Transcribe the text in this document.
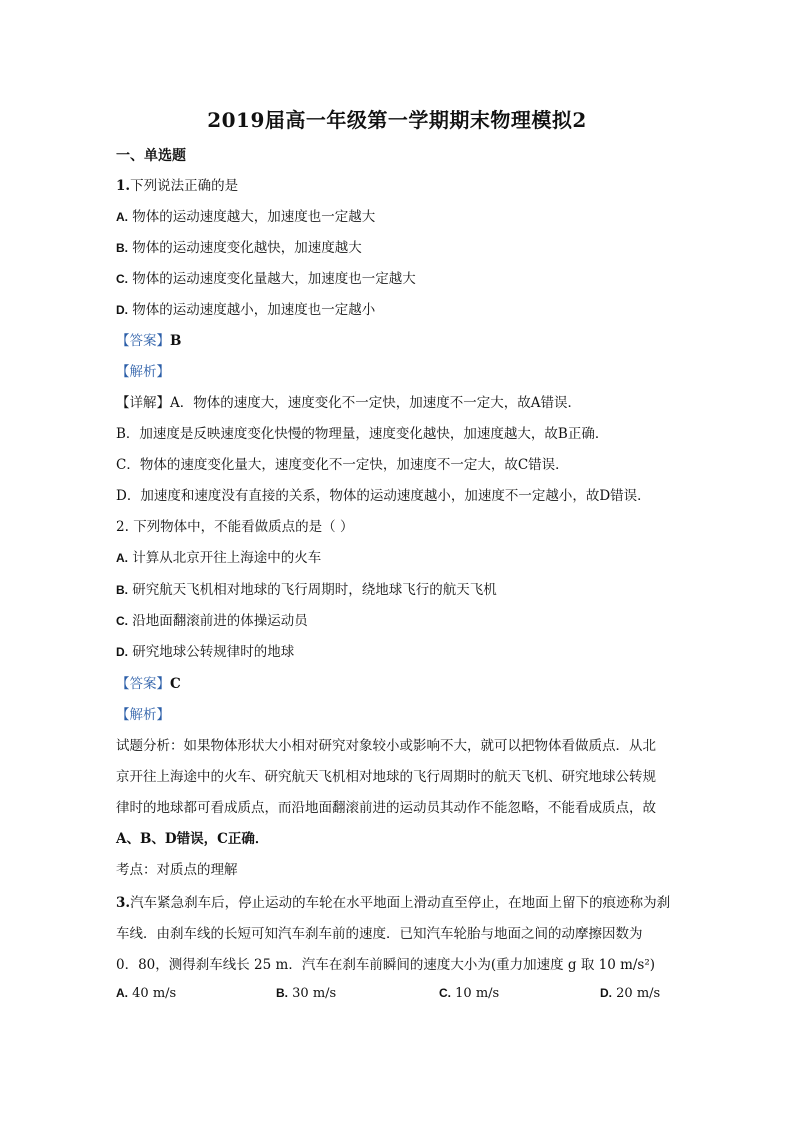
2019届高一年级第一学期期末物理模拟2
一、单选题
1.下列说法正确的是
A. 物体的运动速度越大，加速度也一定越大
B. 物体的运动速度变化越快，加速度越大
C. 物体的运动速度变化量越大，加速度也一定越大
D. 物体的运动速度越小，加速度也一定越小
【答案】B
【解析】
【详解】A．物体的速度大，速度变化不一定快，加速度不一定大，故A错误．
B．加速度是反映速度变化快慢的物理量，速度变化越快，加速度越大，故B正确．
C．物体的速度变化量大，速度变化不一定快，加速度不一定大，故C错误．
D．加速度和速度没有直接的关系，物体的运动速度越小，加速度不一定越小，故D错误．
2. 下列物体中，不能看做质点的是（ ）
A. 计算从北京开往上海途中的火车
B. 研究航天飞机相对地球的飞行周期时，绕地球飞行的航天飞机
C. 沿地面翻滚前进的体操运动员
D. 研究地球公转规律时的地球
【答案】C
【解析】
试题分析：如果物体形状大小相对研究对象较小或影响不大，就可以把物体看做质点．从北
京开往上海途中的火车、研究航天飞机相对地球的飞行周期时的航天飞机、研究地球公转规
律时的地球都可看成质点，而沿地面翻滚前进的运动员其动作不能忽略，不能看成质点，故
A、B、D错误，C正确．
考点：对质点的理解
3.汽车紧急刹车后，停止运动的车轮在水平地面上滑动直至停止，在地面上留下的痕迹称为刹
车线．由刹车线的长短可知汽车刹车前的速度．已知汽车轮胎与地面之间的动摩擦因数为
0．80，测得刹车线长 25 m．汽车在刹车前瞬间的速度大小为(重力加速度 g 取 10 m/s²)
A. 40 m/s	B. 30 m/s	C. 10 m/s	D. 20 m/s
